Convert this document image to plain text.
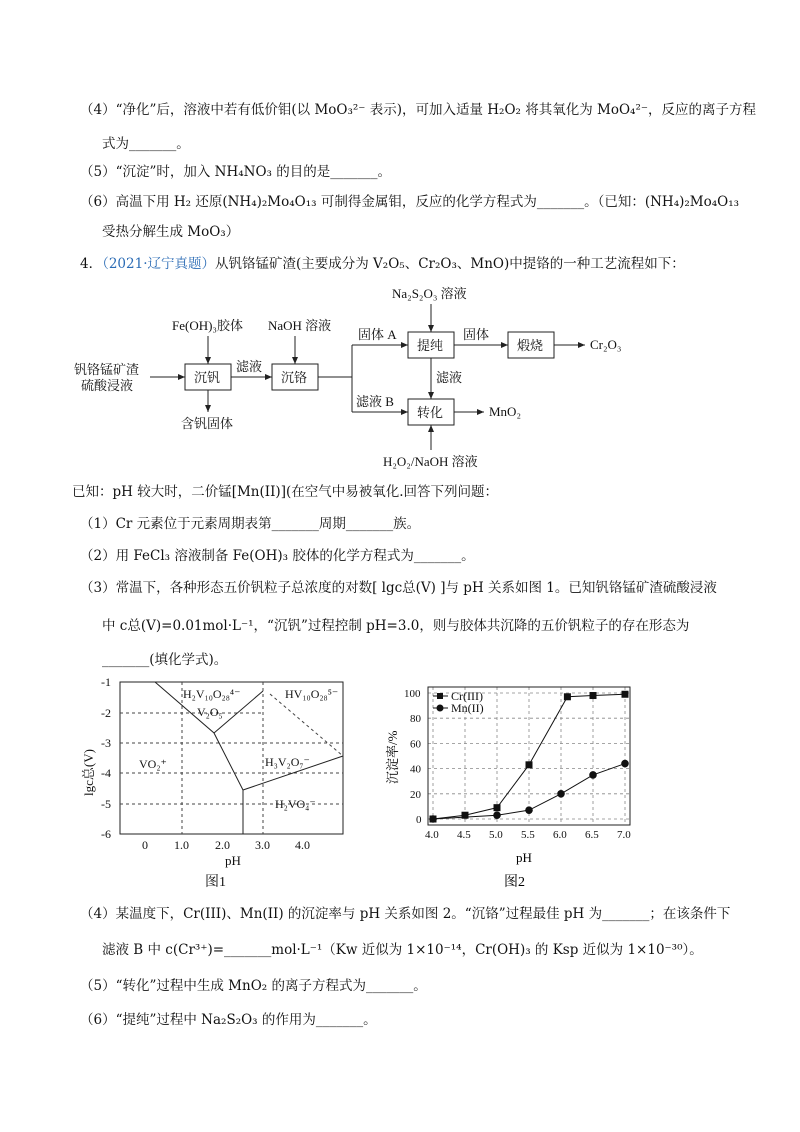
（4）“净化”后，溶液中若有低价钼(以 MoO₃²⁻ 表示)，可加入适量 H₂O₂ 将其氧化为 MoO₄²⁻，反应的离子方程
式为_______。
（5）“沉淀”时，加入 NH₄NO₃ 的目的是_______。
（6）高温下用 H₂ 还原(NH₄)₂Mo₄O₁₃ 可制得金属钼，反应的化学方程式为_______。（已知：(NH₄)₂Mo₄O₁₃
受热分解生成 MoO₃）
4．（2021·辽宁真题）从钒铬锰矿渣(主要成分为 V₂O₅、Cr₂O₃、MnO)中提铬的一种工艺流程如下：
钒铬锰矿渣
硫酸浸液
Fe(OH)₃胶体 NaOH 溶液
Na₂S₂O₃ 溶液
沉钒	沉铬
提纯	煅烧
转化
滤液
固体 A	固体
滤液
滤液 B
含钒固体
Cr₂O₃
MnO₂
H₂O₂/NaOH 溶液
已知：pH 较大时，二价锰[Mn(II)](在空气中易被氧化.回答下列问题：
（1）Cr 元素位于元素周期表第_______周期_______族。
（2）用 FeCl₃ 溶液制备 Fe(OH)₃ 胶体的化学方程式为_______。
（3）常温下，各种形态五价钒粒子总浓度的对数[ lgc总(V) ]与 pH 关系如图 1。已知钒铬锰矿渣硫酸浸液
中 c总(V)=0.01mol·L⁻¹，“沉钒”过程控制 pH=3.0，则与胶体共沉降的五价钒粒子的存在形态为
_______(填化学式)。
-1
-2
-3
-4
-5
-6
0 1.0 2.0 3.0 4.0
pH
lgc总(V)
H₂V₁₀O₂₈⁴⁻
V₂O₅
HV₁₀O₂₈⁵⁻
VO₂⁺	H₃V₂O₇⁻
H₂VO₄⁻
图1
4.0 4.5 5.0 5.5 6.0 6.5 7.0
0
20
40
60
80
100	Cr(III)
Mn(II)
沉淀率/%
pH
图2
（4）某温度下，Cr(III)、Mn(II) 的沉淀率与 pH 关系如图 2。“沉铬”过程最佳 pH 为_______；在该条件下
滤液 B 中 c(Cr³⁺)=_______mol·L⁻¹（Kw 近似为 1×10⁻¹⁴，Cr(OH)₃ 的 Ksp 近似为 1×10⁻³⁰）。
（5）“转化”过程中生成 MnO₂ 的离子方程式为_______。
（6）“提纯”过程中 Na₂S₂O₃ 的作用为_______。
